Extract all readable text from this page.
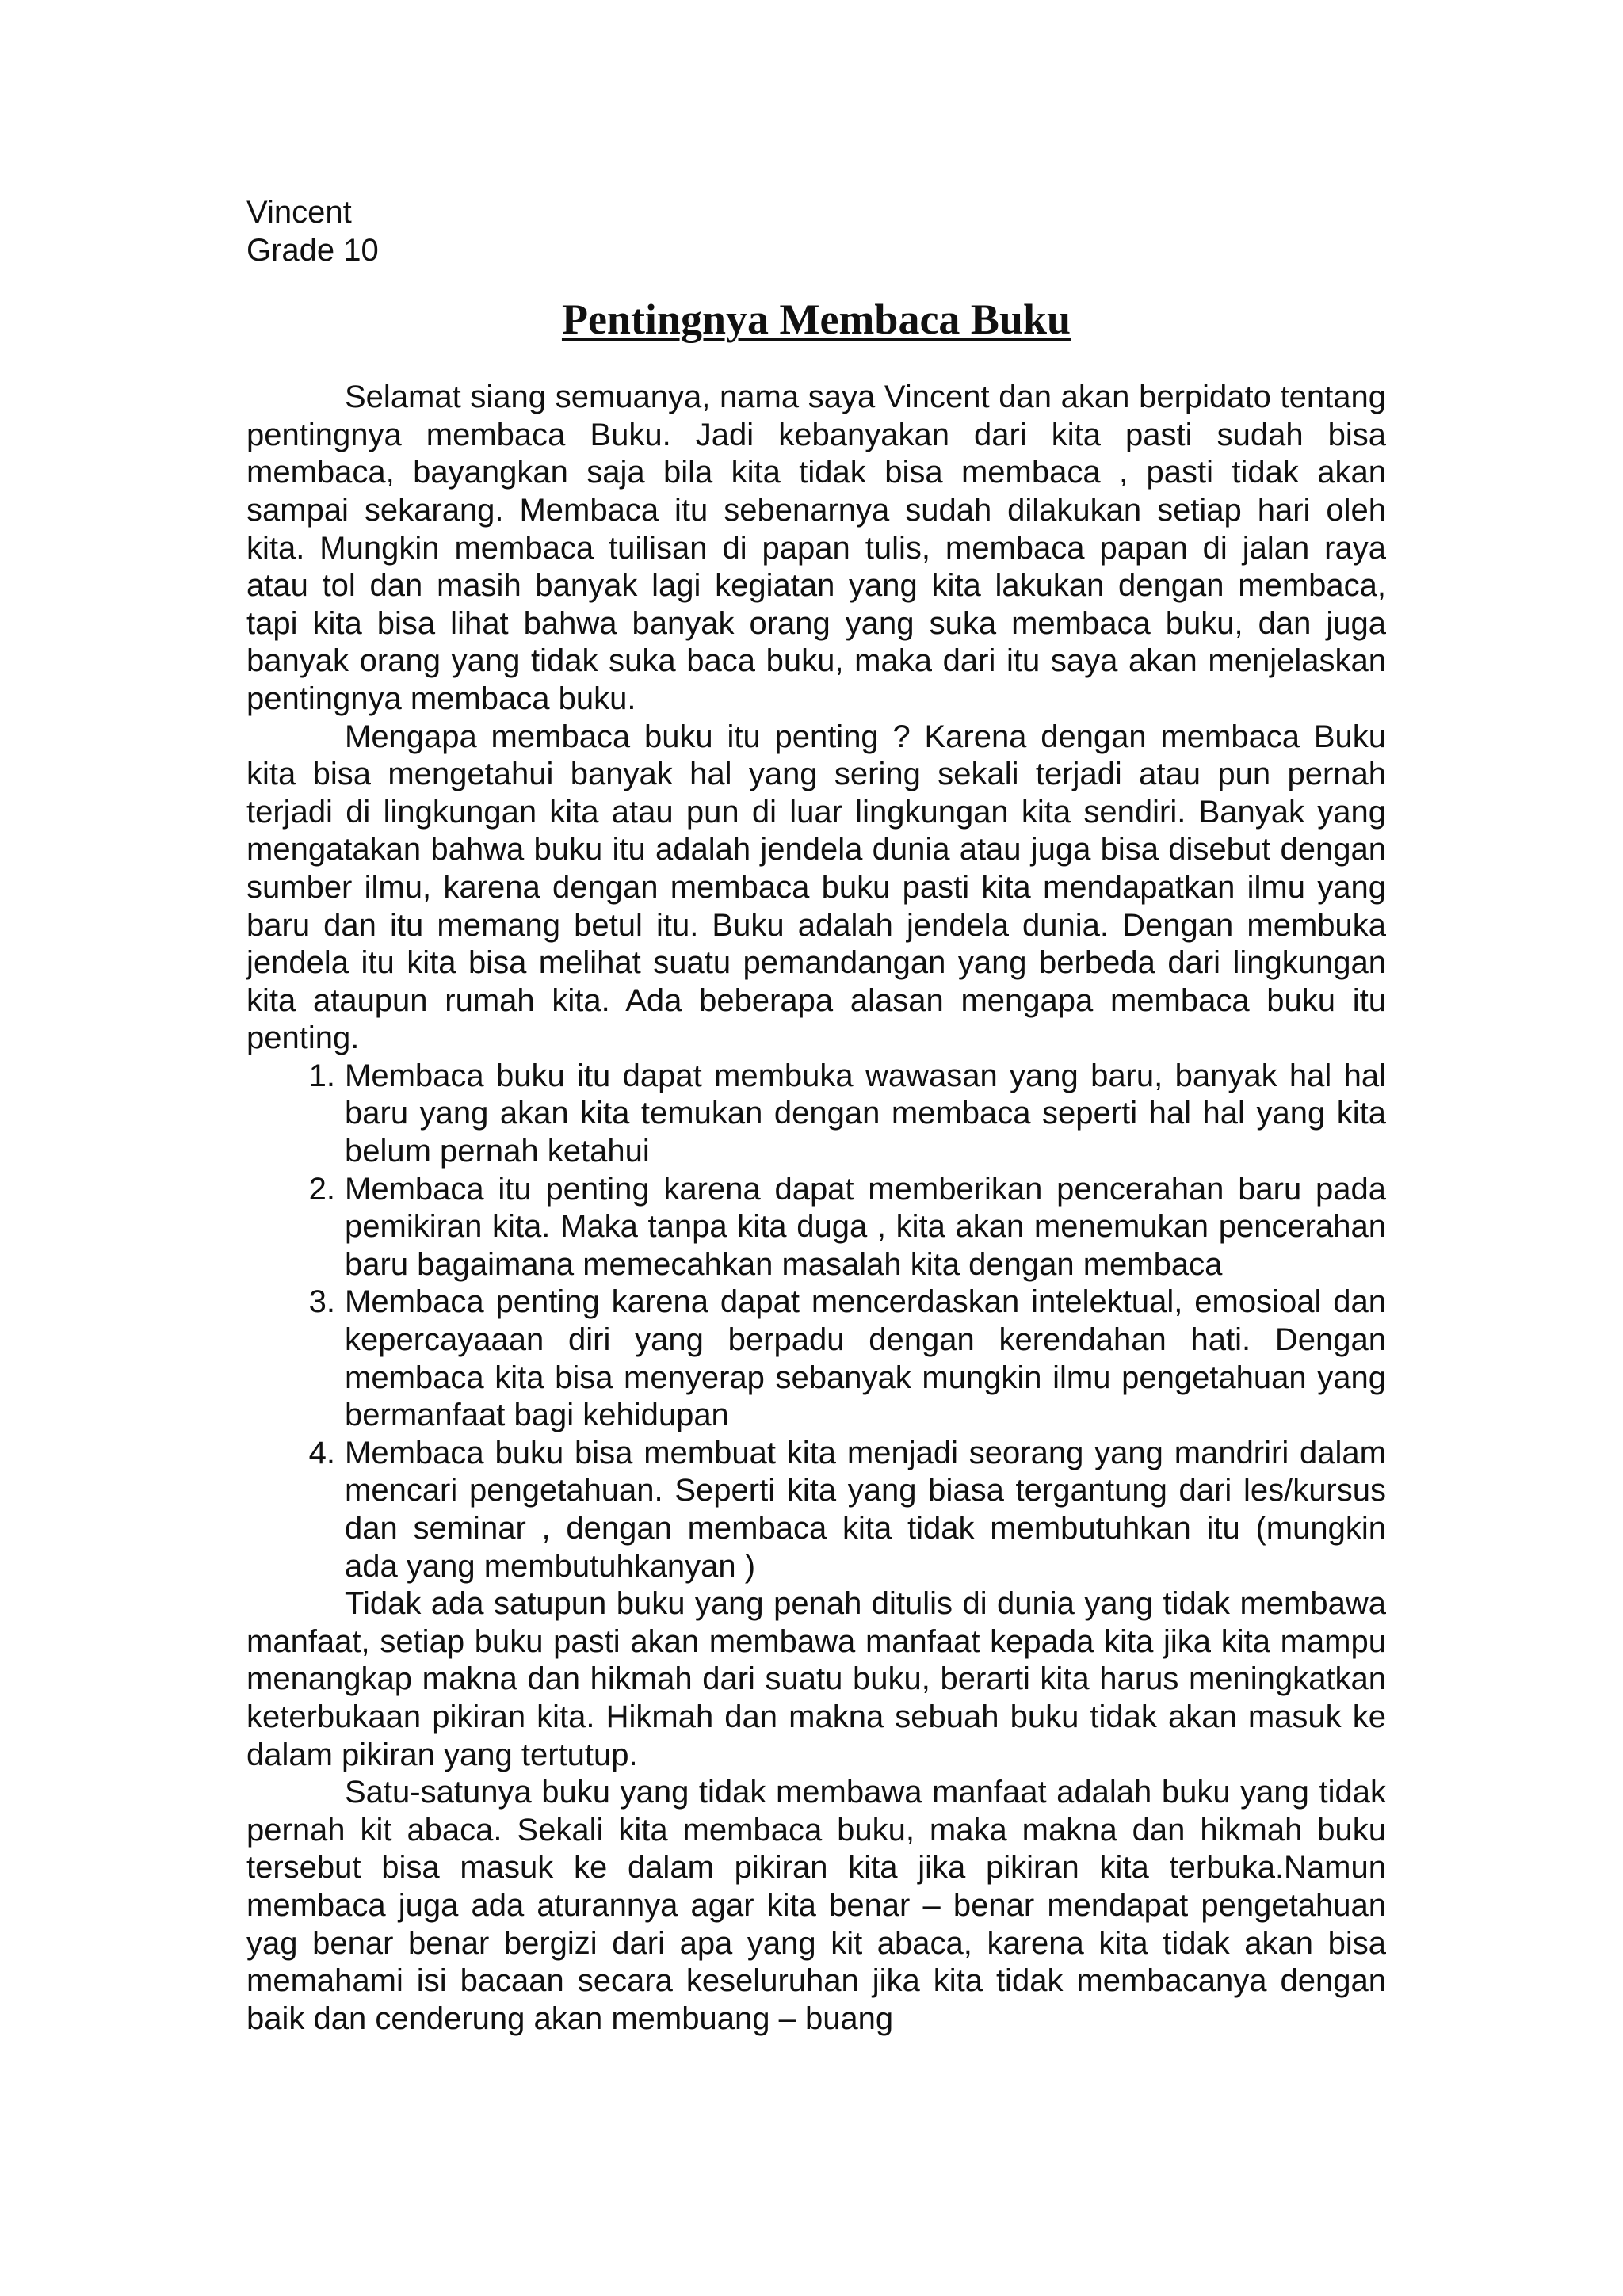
Vincent
Grade 10
Pentingnya Membaca Buku

Selamat siang semuanya, nama saya Vincent dan akan berpidato tentang pentingnya membaca Buku. Jadi kebanyakan dari kita pasti sudah bisa membaca, bayangkan saja bila kita tidak bisa membaca , pasti tidak akan sampai sekarang. Membaca itu sebenarnya sudah dilakukan setiap hari oleh kita. Mungkin membaca tuilisan di papan tulis, membaca papan di jalan raya atau tol dan masih banyak lagi kegiatan yang kita lakukan dengan membaca, tapi kita bisa lihat bahwa banyak orang yang suka membaca buku, dan juga banyak orang yang tidak suka baca buku, maka dari itu saya akan menjelaskan pentingnya membaca buku.

Mengapa membaca buku itu penting ? Karena dengan membaca Buku kita bisa mengetahui banyak hal yang sering sekali terjadi atau pun pernah terjadi di lingkungan kita atau pun di luar lingkungan kita sendiri. Banyak yang mengatakan bahwa buku itu adalah jendela dunia atau juga bisa disebut dengan sumber ilmu, karena dengan membaca buku pasti kita mendapatkan ilmu yang baru dan itu memang betul itu. Buku adalah jendela dunia. Dengan membuka jendela itu kita bisa melihat suatu pemandangan yang berbeda dari lingkungan kita ataupun rumah kita. Ada beberapa alasan mengapa membaca buku itu penting.

1. Membaca buku itu dapat membuka wawasan yang baru, banyak hal hal baru yang akan kita temukan dengan membaca seperti hal hal yang kita belum pernah ketahui
2. Membaca itu penting karena dapat memberikan pencerahan baru pada pemikiran kita. Maka tanpa kita duga , kita akan menemukan pencerahan baru bagaimana memecahkan masalah kita dengan membaca
3. Membaca penting karena dapat mencerdaskan intelektual, emosioal dan kepercayaaan diri yang berpadu dengan kerendahan hati. Dengan membaca kita bisa menyerap sebanyak mungkin ilmu pengetahuan yang bermanfaat bagi kehidupan
4. Membaca buku bisa membuat kita menjadi seorang yang mandriri dalam mencari pengetahuan. Seperti kita yang biasa tergantung dari les/kursus dan seminar , dengan membaca kita tidak membutuhkan itu (mungkin ada yang membutuhkanyan )

Tidak ada satupun buku yang penah ditulis di dunia yang tidak membawa manfaat, setiap buku pasti akan membawa manfaat kepada kita jika kita mampu menangkap makna dan hikmah dari suatu buku, berarti kita harus meningkatkan keterbukaan pikiran kita. Hikmah dan makna sebuah buku tidak akan masuk ke dalam pikiran yang tertutup.

Satu-satunya buku yang tidak membawa manfaat adalah buku yang tidak pernah kit abaca. Sekali kita membaca buku, maka makna dan hikmah buku tersebut bisa masuk ke dalam pikiran kita jika pikiran kita terbuka.Namun membaca juga ada aturannya agar kita benar – benar mendapat pengetahuan yag benar benar bergizi dari apa yang kit abaca, karena kita tidak akan bisa memahami isi bacaan secara keseluruhan jika kita tidak membacanya dengan baik dan cenderung akan membuang – buang
